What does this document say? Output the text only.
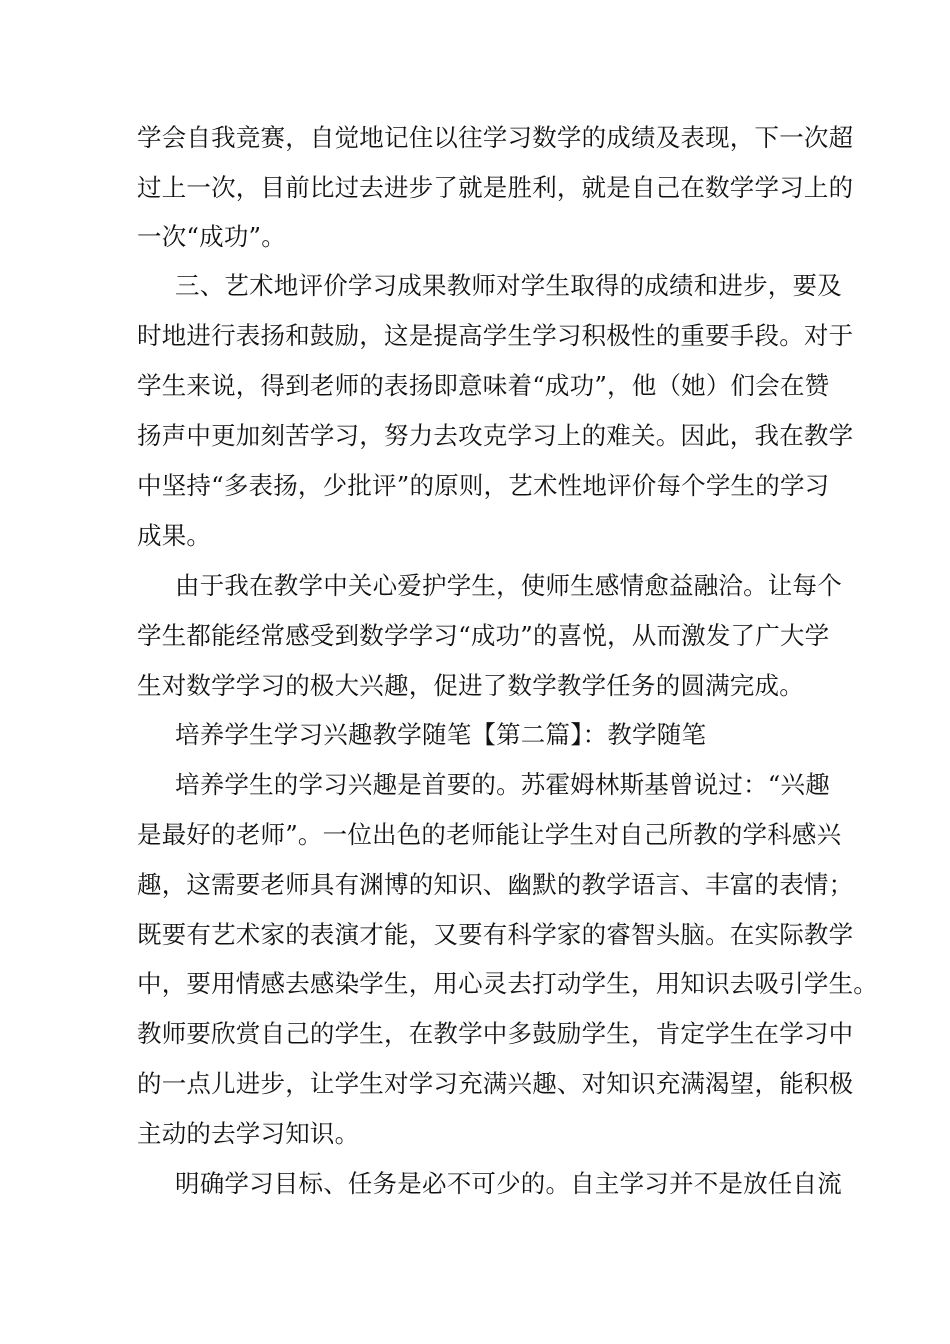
学会自我竞赛，自觉地记住以往学习数学的成绩及表现，下一次超

过上一次，目前比过去进步了就是胜利，就是自己在数学学习上的

一次“成功”。

三、艺术地评价学习成果教师对学生取得的成绩和进步，要及

时地进行表扬和鼓励，这是提高学生学习积极性的重要手段。对于

学生来说，得到老师的表扬即意味着“成功”，他（她）们会在赞

扬声中更加刻苦学习，努力去攻克学习上的难关。因此，我在教学

中坚持“多表扬，少批评”的原则，艺术性地评价每个学生的学习

成果。

由于我在教学中关心爱护学生，使师生感情愈益融洽。让每个

学生都能经常感受到数学学习“成功”的喜悦，从而激发了广大学

生对数学学习的极大兴趣，促进了数学教学任务的圆满完成。

培养学生学习兴趣教学随笔【第二篇】：教学随笔

培养学生的学习兴趣是首要的。苏霍姆林斯基曾说过：“兴趣

是最好的老师”。一位出色的老师能让学生对自己所教的学科感兴

趣，这需要老师具有渊博的知识、幽默的教学语言、丰富的表情；

既要有艺术家的表演才能，又要有科学家的睿智头脑。在实际教学

中，要用情感去感染学生，用心灵去打动学生，用知识去吸引学生。

教师要欣赏自己的学生，在教学中多鼓励学生，肯定学生在学习中

的一点儿进步，让学生对学习充满兴趣、对知识充满渴望，能积极

主动的去学习知识。

明确学习目标、任务是必不可少的。自主学习并不是放任自流
